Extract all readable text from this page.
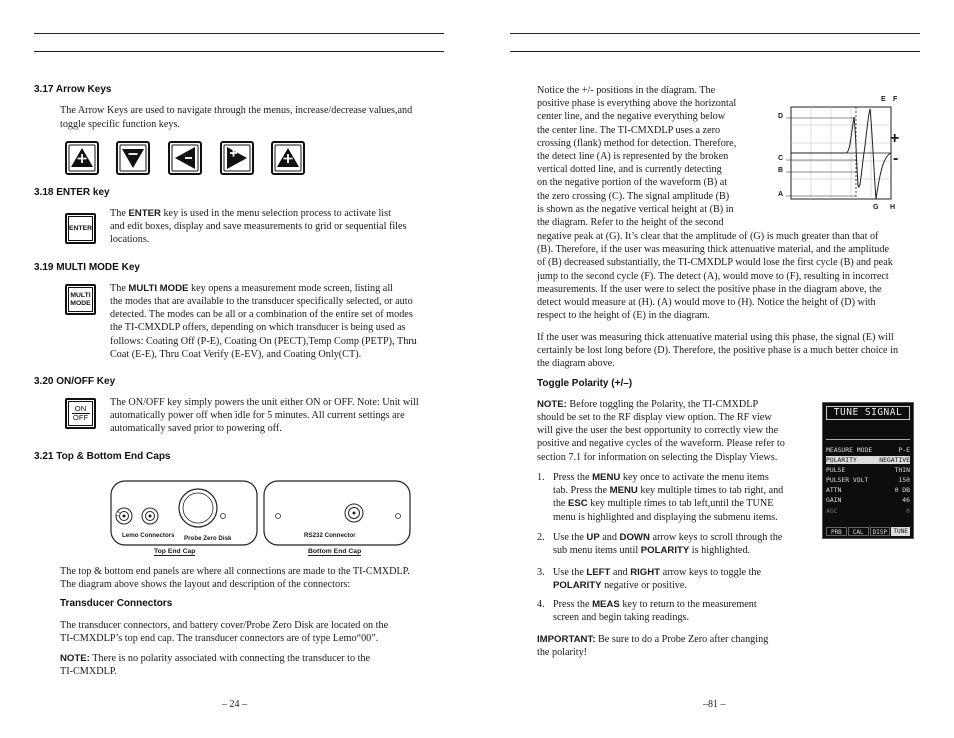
3.17 Arrow Keys
The Arrow Keys are used to navigate through the menus, increase/decrease values,and
toggle specific function keys.
3.18 ENTER key
ENTER
The ENTER key is used in the menu selection process to activate list
and edit boxes, display and save measurements to grid or sequential files
locations.
3.19 MULTI MODE Key
MULTI
MODE
The MULTI MODE key opens a measurement mode screen, listing all
the modes that are available to the transducer specifically selected, or auto
detected. The modes can be all or a combination of the entire set of modes
the TI-CMXDLP offers, depending on which transducer is being used as
follows: Coating Off (P-E), Coating On (PECT),Temp Comp (PETP), Thru
Coat (E-E), Thru Coat Verify (E-EV), and Coating Only(CT).
3.20 ON/OFF Key
ON
OFF
The ON/OFF key simply powers the unit either ON or OFF. Note: Unit will
automatically power off when idle for 5 minutes. All current settings are
automatically saved prior to powering off.
3.21 Top & Bottom End Caps
Lemo Connectors Probe Zero Disk
Top End Cap
RS232 Connector
Bottom End Cap
The top & bottom end panels are where all connections are made to the TI-CMXDLP.
The diagram above shows the layout and description of the connectors:
Transducer Connectors
The transducer connectors, and battery cover/Probe Zero Disk are located on the
TI-CMXDLP’s top end cap. The transducer connectors are of type Lemo“00”.
NOTE: There is no polarity associated with connecting the transducer to the
TI-CMXDLP.
– 24 –
Notice the +/- positions in the diagram. The
positive phase is everything above the horizontal
center line, and the negative everything below
the center line. The TI-CMXDLP uses a zero
crossing (flank) method for detection. Therefore,
the detect line (A) is represented by the broken
vertical dotted line, and is currently detecting
on the negative portion of the waveform (B) at
the zero crossing (C). The signal amplitude (B)
is shown as the negative vertical height at (B) in
the diagram. Refer to the height of the second
D
C
B
A
E F
G H
+
-
negative peak at (G). It’s clear that the amplitude of (G) is much greater than that of
(B). Therefore, if the user was measuring thick attenuative material, and the amplitude
of (B) decreased substantially, the TI-CMXDLP would lose the first cycle (B) and peak
jump to the second cycle (F). The detect (A), would move to (F), resulting in incorrect
measurements. If the user were to select the positive phase in the diagram above, the
detect would measure at (H). (A) would move to (H). Notice the height of (D) with
respect to the height of (E) in the diagram.
If the user was measuring thick attenuative material using this phase, the signal (E) will
certainly be lost long before (D). Therefore, the positive phase is a much better choice in
the diagram above.
Toggle Polarity (+/–)
NOTE: Before toggling the Polarity, the TI-CMXDLP
should be set to the RF display view option. The RF view
will give the user the best opportunity to correctly view the
positive and negative cycles of the waveform. Please refer to
section 7.1 for information on selecting the Display Views.
1. Press the MENU key once to activate the menu items
tab. Press the MENU key multiple times to tab right, and
the ESC key multiple times to tab left,until the TUNE
menu is highlighted and displaying the submenu items.
2. Use the UP and DOWN arrow keys to scroll through the
sub menu items until POLARITY is highlighted.
3. Use the LEFT and RIGHT arrow keys to toggle the
POLARITY negative or positive.
4. Press the MEAS key to return to the measurement
screen and begin taking readings.
IMPORTANT: Be sure to do a Probe Zero after changing
the polarity!
TUNE SIGNAL
MEASURE MODE	P-E
POLARITY	NEGATIVE
PULSE	THIN
PULSER VOLT	150
ATTN	0 DB
GAIN	46
AGC	0
PRB	CAL	DISP	TUNE
–81 –
